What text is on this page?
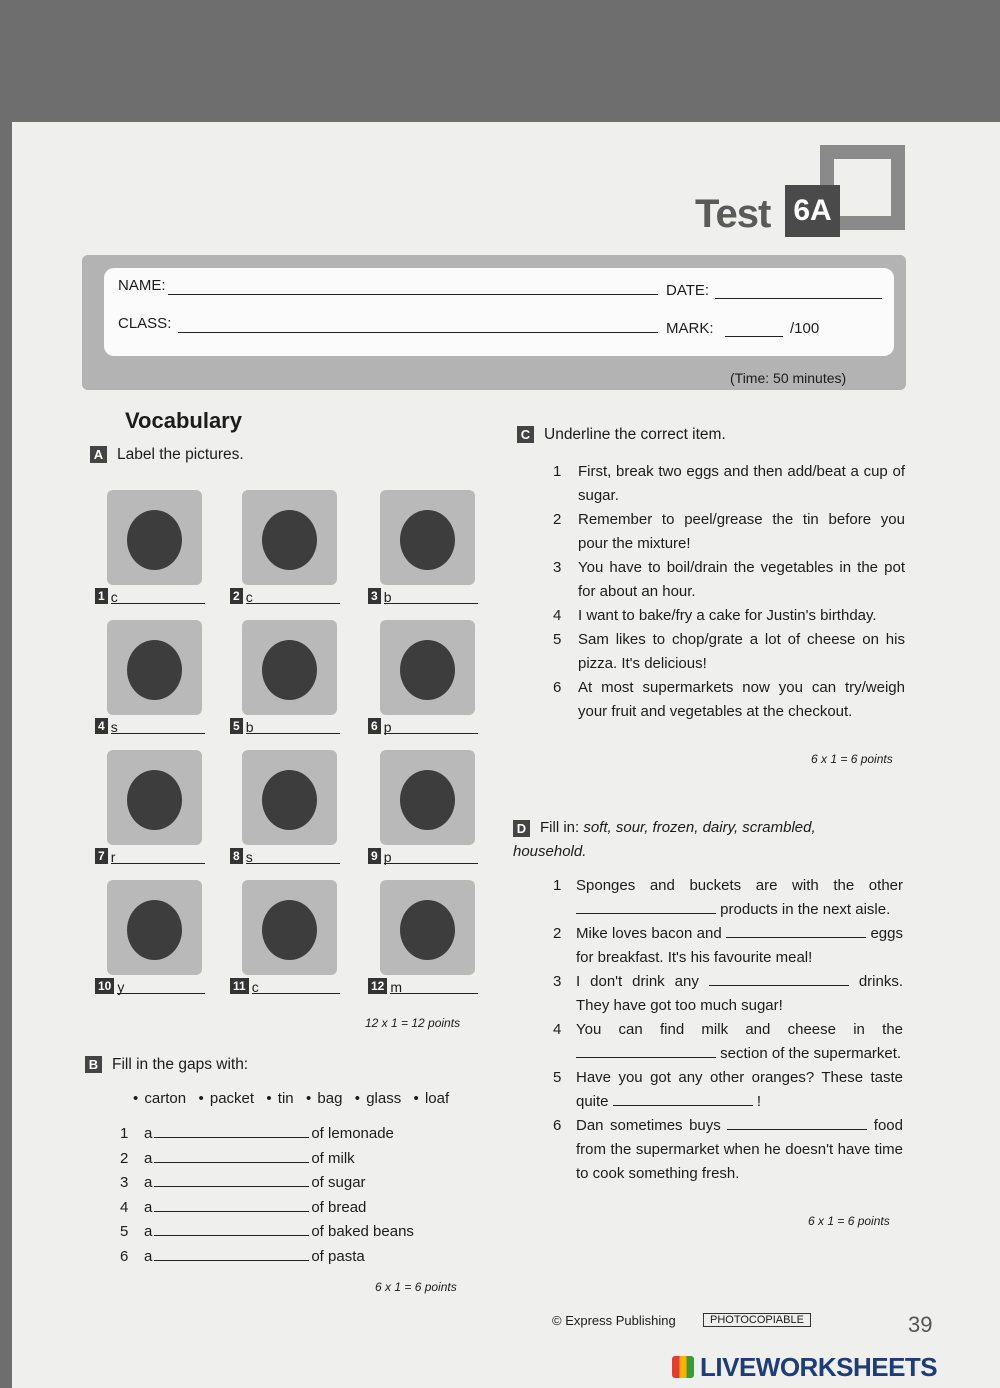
Test 6A
NAME:
CLASS:
DATE:
MARK:	/100
(Time: 50 minutes)
Vocabulary
A Label the pictures.
1 c	2 c	3 b
4 s	5 b	6 p
7 r	8 s	9 p
10 y	11 c	12 m
12 x 1 = 12 points
B Fill in the gaps with:
• carton  • packet  • tin  • bag  • glass  • loaf
1 a	of lemonade
2 a	of milk
3 a	of sugar
4 a	of bread
5 a	of baked beans
6 a	of pasta
6 x 1 = 6 points
C Underline the correct item.
1	First, break two eggs and then add/beat a cup of sugar.
2	Remember to peel/grease the tin before you pour the mixture!
3	You have to boil/drain the vegetables in the pot for about an hour.
4	I want to bake/fry a cake for Justin's birthday.
5	Sam likes to chop/grate a lot of cheese on his pizza. It's delicious!
6	At most supermarkets now you can try/weigh your fruit and vegetables at the checkout.
6 x 1 = 6 points
D Fill in: soft, sour, frozen, dairy, scrambled, household.
1 Sponges and buckets are with the other  products in the next aisle.
2 Mike loves bacon and	eggs for breakfast. It's his favourite meal!
3 I don't drink any	drinks. They have got too much sugar!
4 You can find milk and cheese in the  section of the supermarket.
5 Have you got any other oranges? These taste quite	!
6 Dan sometimes buys	food from the supermarket when he doesn't have time to cook something fresh.
6 x 1 = 6 points
© Express Publishing	PHOTOCOPIABLE	39
LIVEWORKSHEETS
